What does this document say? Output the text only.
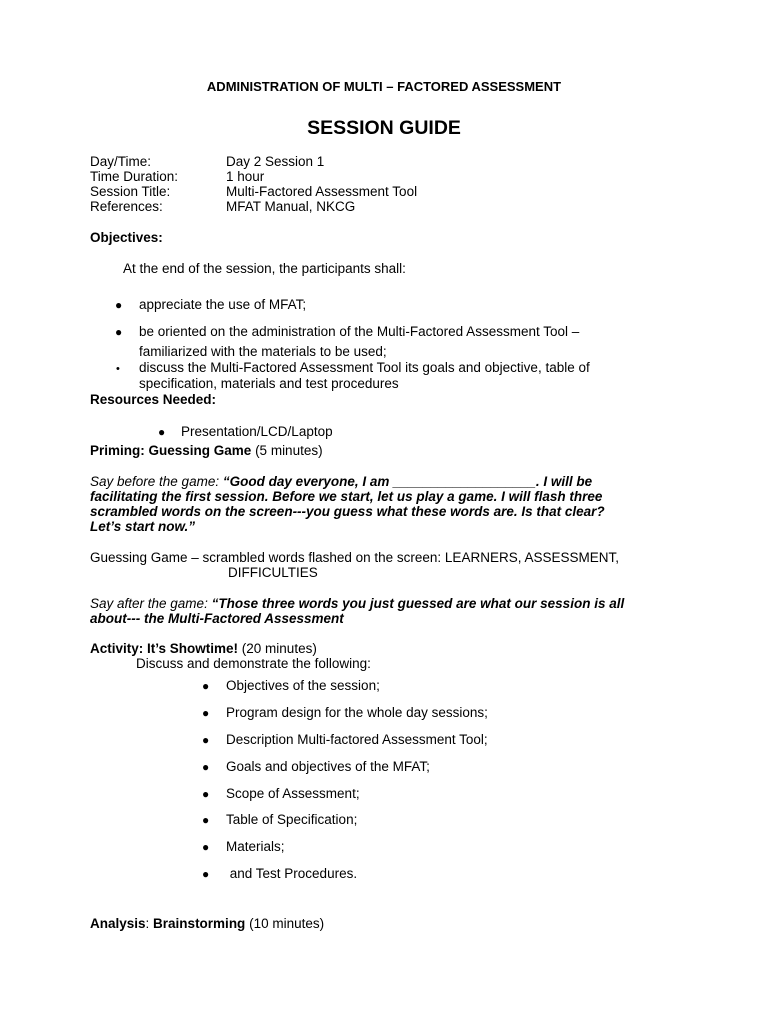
ADMINISTRATION OF MULTI – FACTORED ASSESSMENT
SESSION GUIDE
Day/Time:	Day 2 Session 1
Time Duration:	1 hour
Session Title:	Multi-Factored Assessment Tool
References:	MFAT Manual, NKCG
Objectives:
At the end of the session, the participants shall:
● appreciate the use of MFAT;
● be oriented on the administration of the Multi-Factored Assessment Tool –
familiarized with the materials to be used;
• discuss the Multi-Factored Assessment Tool its goals and objective, table of
specification, materials and test procedures
Resources Needed:
● Presentation/LCD/Laptop
Priming: Guessing Game (5 minutes)
Say before the game: “Good day everyone, I am ___________________. I will be
facilitating the first session. Before we start, let us play a game. I will flash three
scrambled words on the screen---you guess what these words are. Is that clear?
Let’s start now.”
Guessing Game – scrambled words flashed on the screen: LEARNERS, ASSESSMENT,
DIFFICULTIES
Say after the game: “Those three words you just guessed are what our session is all
about--- the Multi-Factored Assessment
Activity: It’s Showtime! (20 minutes)
Discuss and demonstrate the following:
● Objectives of the session;
● Program design for the whole day sessions;
● Description Multi-factored Assessment Tool;
● Goals and objectives of the MFAT;
● Scope of Assessment;
● Table of Specification;
● Materials;
● and Test Procedures.
Analysis: Brainstorming (10 minutes)
